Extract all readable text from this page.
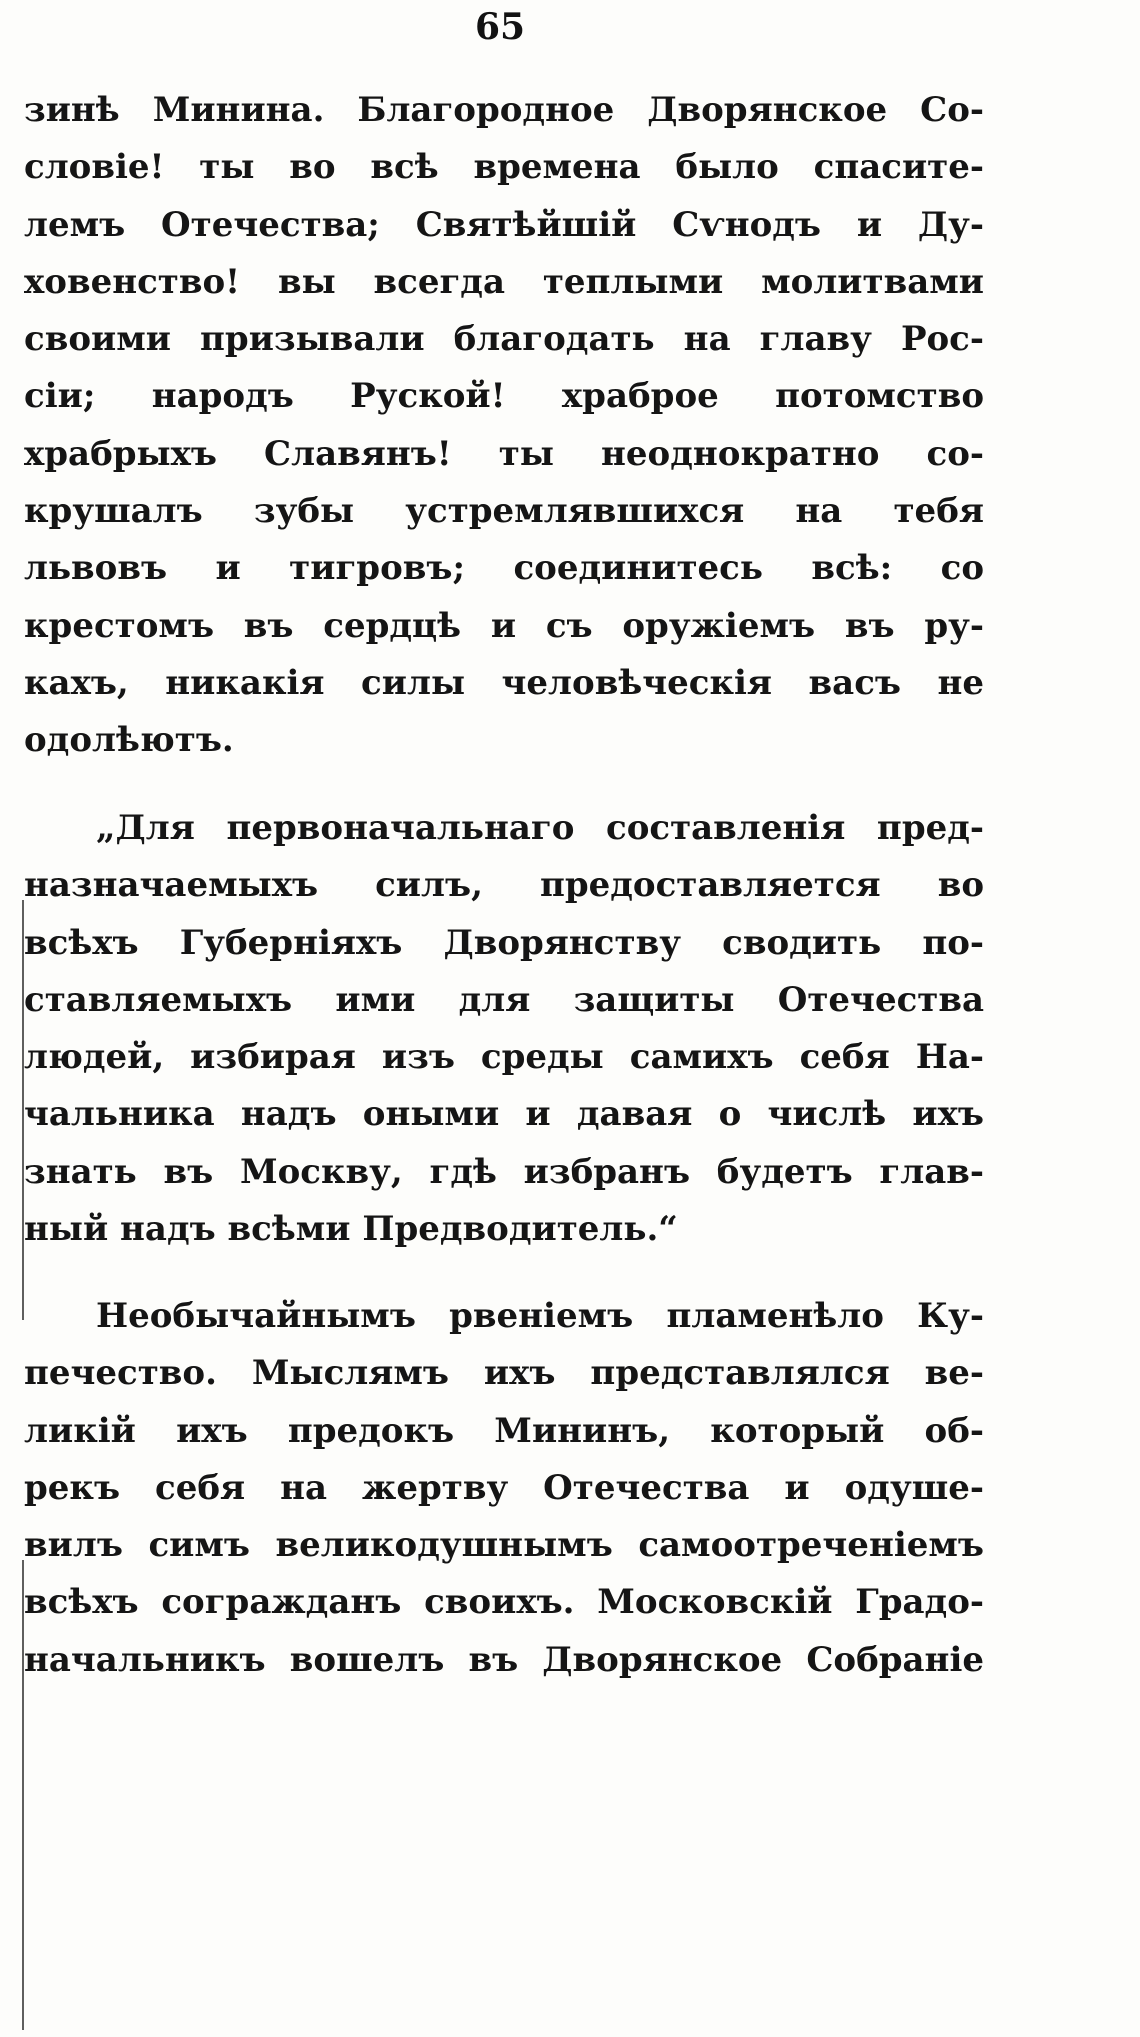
65
зинѣ Минина. Благородное Дворянское Со-
словіе! ты во всѣ времена было спасите-
лемъ Отечества; Святѣйшій Сѵнодъ и Ду-
ховенство! вы всегда теплыми молитвами
своими призывали благодать на главу Рос-
сіи; народъ Руской! храброе потомство
храбрыхъ Славянъ! ты неоднократно со-
крушалъ зубы устремлявшихся на тебя
львовъ и тигровъ; соединитесь всѣ: со
крестомъ въ сердцѣ и съ оружіемъ въ ру-
кахъ, никакія силы человѣческія васъ не
одолѣютъ.
„Для первоначальнаго составленія пред-
назначаемыхъ силъ, предоставляется во
всѣхъ Губерніяхъ Дворянству сводить по-
ставляемыхъ ими для защиты Отечества
людей, избирая изъ среды самихъ себя На-
чальника надъ оными и давая о числѣ ихъ
знать въ Москву, гдѣ избранъ будетъ глав-
ный надъ всѣми Предводитель.“
Необычайнымъ рвеніемъ пламенѣло Ку-
печество. Мыслямъ ихъ представлялся ве-
ликій ихъ предокъ Мининъ, который об-
рекъ себя на жертву Отечества и одуше-
вилъ симъ великодушнымъ самоотреченіемъ
всѣхъ согражданъ своихъ. Московскій Градо-
начальникъ вошелъ въ Дворянское Собраніе
